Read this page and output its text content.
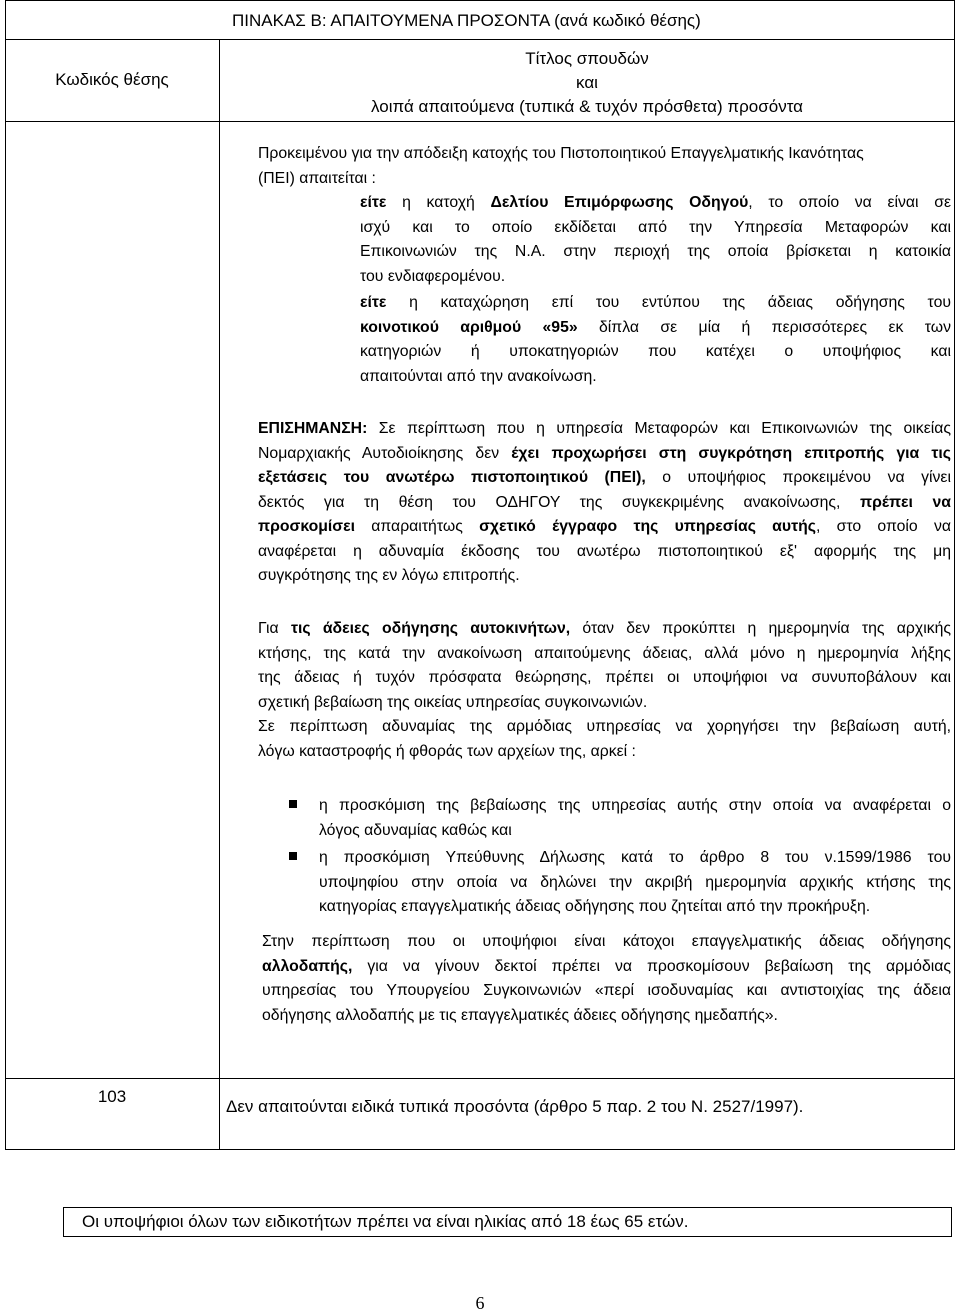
ΠΙΝΑΚΑΣ Β: ΑΠΑΙΤΟΥΜΕΝΑ ΠΡΟΣΟΝΤΑ (ανά κωδικό θέσης)
Κωδικός θέσης
Τίτλος σπουδών
και
λοιπά απαιτούμενα (τυπικά & τυχόν πρόσθετα) προσόντα
Προκειμένου για την απόδειξη κατοχής του Πιστοποιητικού Επαγγελματικής Ικανότητας
(ΠΕΙ) απαιτείται :
είτε η κατοχή Δελτίου Επιμόρφωσης Οδηγού, το οποίο να είναι σε
ισχύ και το οποίο εκδίδεται από την Υπηρεσία Μεταφορών και
Επικοινωνιών της Ν.Α. στην περιοχή της οποία βρίσκεται η κατοικία
του ενδιαφερομένου.
είτε η καταχώρηση επί του εντύπου της άδειας οδήγησης του
κοινοτικού αριθμού «95» δίπλα σε μία ή περισσότερες εκ των
κατηγοριών ή υποκατηγοριών που κατέχει ο υποψήφιος και
απαιτούνται από την ανακοίνωση.
ΕΠΙΣΗΜΑΝΣΗ: Σε περίπτωση που η υπηρεσία Μεταφορών και Επικοινωνιών της οικείας
Νομαρχιακής Αυτοδιοίκησης δεν έχει προχωρήσει στη συγκρότηση επιτροπής για τις
εξετάσεις του ανωτέρω πιστοποιητικού (ΠΕΙ), ο υποψήφιος προκειμένου να γίνει
δεκτός για τη θέση του ΟΔΗΓΟΥ της συγκεκριμένης ανακοίνωσης, πρέπει να
προσκομίσει απαραιτήτως σχετικό έγγραφο της υπηρεσίας αυτής, στο οποίο να
αναφέρεται η αδυναμία έκδοσης του ανωτέρω πιστοποιητικού εξ' αφορμής της μη
συγκρότησης της εν λόγω επιτροπής.
Για τις άδειες οδήγησης αυτοκινήτων, όταν δεν προκύπτει η ημερομηνία της αρχικής
κτήσης, της κατά την ανακοίνωση απαιτούμενης άδειας, αλλά μόνο η ημερομηνία λήξης
της άδειας ή τυχόν πρόσφατα θεώρησης, πρέπει οι υποψήφιοι να συνυποβάλουν και
σχετική βεβαίωση της οικείας υπηρεσίας συγκοινωνιών.
Σε περίπτωση αδυναμίας της αρμόδιας υπηρεσίας να χορηγήσει την βεβαίωση αυτή,
λόγω καταστροφής ή φθοράς των αρχείων της, αρκεί :
η προσκόμιση της βεβαίωσης της υπηρεσίας αυτής στην οποία να αναφέρεται ο
λόγος αδυναμίας καθώς και
η προσκόμιση Υπεύθυνης Δήλωσης κατά το άρθρο 8 του ν.1599/1986 του
υποψηφίου στην οποία να δηλώνει την ακριβή ημερομηνία αρχικής κτήσης της
κατηγορίας επαγγελματικής άδειας οδήγησης που ζητείται από την προκήρυξη.
Στην περίπτωση που οι υποψήφιοι είναι κάτοχοι επαγγελματικής άδειας οδήγησης
αλλοδαπής, για να γίνουν δεκτοί πρέπει να προσκομίσουν βεβαίωση της αρμόδιας
υπηρεσίας του Υπουργείου Συγκοινωνιών «περί ισοδυναμίας και αντιστοιχίας της άδεια
οδήγησης αλλοδαπής με τις επαγγελματικές άδειες οδήγησης ημεδαπής».
103
Δεν απαιτούνται ειδικά τυπικά προσόντα (άρθρο 5 παρ. 2 του Ν. 2527/1997).
Οι υποψήφιοι όλων των ειδικοτήτων πρέπει να είναι ηλικίας από 18 έως 65 ετών.
6
